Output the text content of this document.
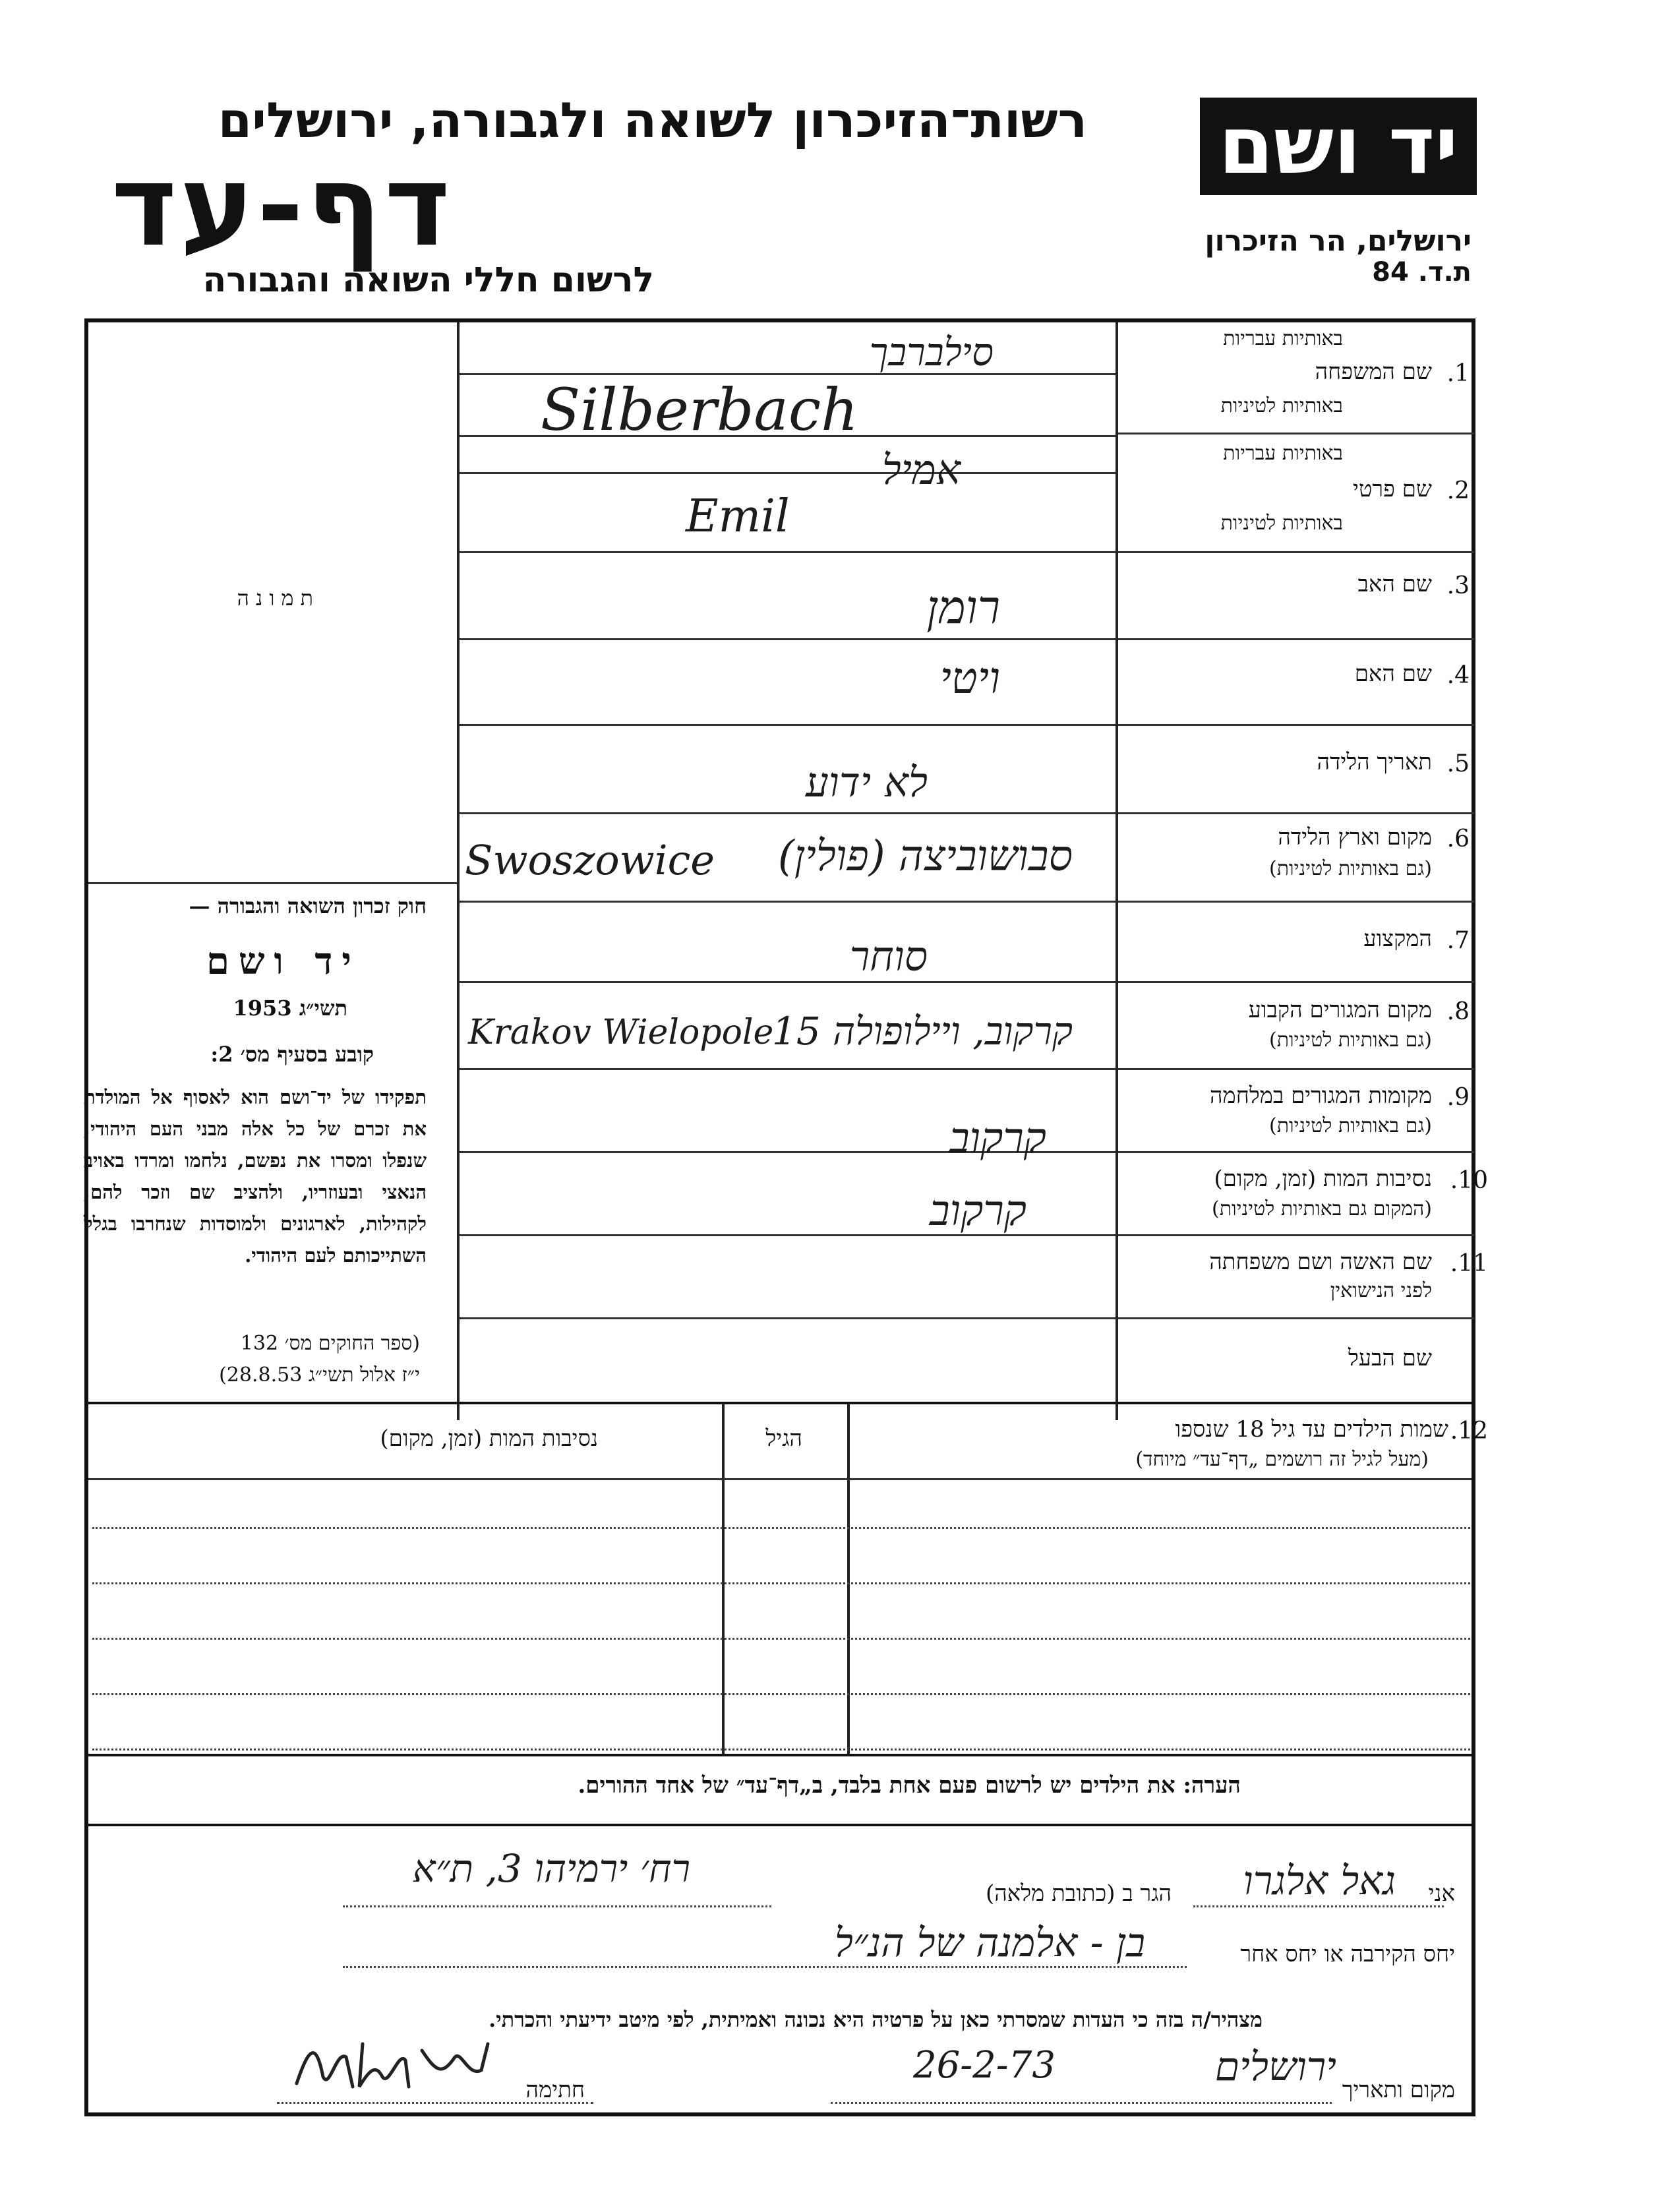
רשות־הזיכרון לשואה ולגבורה, ירושלים
דף-עד
לרשום חללי השואה והגבורה
יד ושם
ירושלים, הר הזיכרון
ת.ד. 84
תמונה
באותיות עבריות
1.
שם המשפחה
באותיות לטיניות
באותיות עבריות
2.
שם פרטי
באותיות לטיניות
3.
שם האב
4.
שם האם
5.
תאריך הלידה
6.
מקום וארץ הלידה
(גם באותיות לטיניות)
7.
המקצוע
8.
מקום המגורים הקבוע
(גם באותיות לטיניות)
9.
מקומות המגורים במלחמה
(גם באותיות לטיניות)
10.
נסיבות המות (זמן, מקום)
(המקום גם באותיות לטיניות)
11.
שם האשה ושם משפחתה
לפני הנישואין
שם הבעל
סילברבך
Silberbach
אמיל
Emil
רומן
ויטי
לא ידוע
Swoszowice סבושוביצה (פולין)
סוחר
Krakov Wielopole
קרקוב, ויילופולה 15
קרקוב
קרקוב
חוק זכרון השואה והגבורה —
יד ושם
תשי״ג 1953
קובע בסעיף מס׳ 2:
תפקידו של יד־ושם הוא לאסוף אל המולדת את זכרם של כל אלה מבני העם היהודי, שנפלו ומסרו את נפשם, נלחמו ומרדו באויב הנאצי ובעוזריו, ולהציב שם וזכר להם, לקהילות, לארגונים ולמוסדות שנחרבו בגלל השתייכותם לעם היהודי.
(ספר החוקים מס׳ 132
י״ז אלול תשי״ג 28.8.53)
12.
שמות הילדים עד גיל 18 שנספו
(מעל לגיל זה רושמים „דף־עד״ מיוחד)
הגיל
נסיבות המות (זמן, מקום)
הערה: את הילדים יש לרשום פעם אחת בלבד, ב„דף־עד״ של אחד ההורים.
אני
גאל אלגרו
הגר ב (כתובת מלאה)
רח׳ ירמיהו 3, ת״א
יחס הקירבה או יחס אחר
בן - אלמנה של הנ״ל
מצהיר/ה בזה כי העדות שמסרתי כאן על פרטיה היא נכונה ואמיתית, לפי מיטב ידיעתי והכרתי.
מקום ותאריך
ירושלים
26-2-73
חתימה
